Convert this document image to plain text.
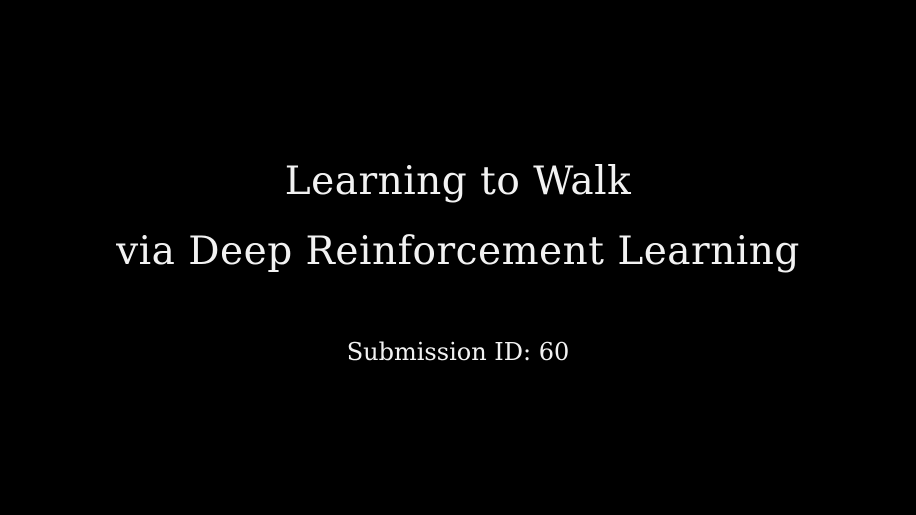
Learning to Walk
via Deep Reinforcement Learning
Submission ID: 60
